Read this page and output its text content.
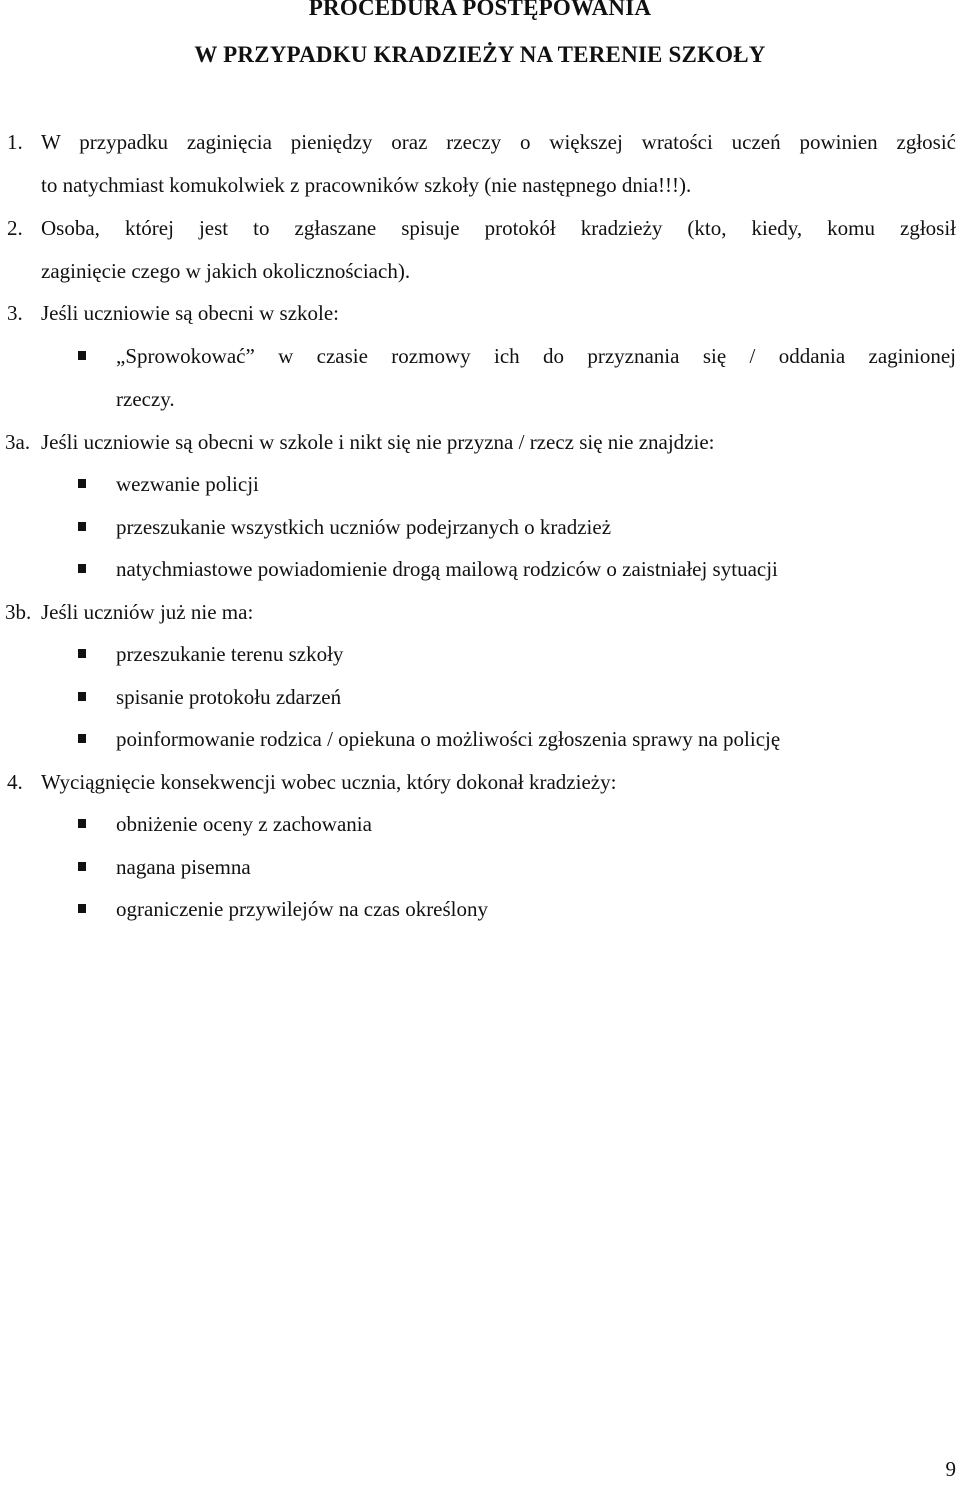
PROCEDURA POSTĘPOWANIA
W PRZYPADKU KRADZIEŻY NA TERENIE SZKOŁY
1. W przypadku zaginięcia pieniędzy oraz rzeczy o większej wratości uczeń powinien zgłosić
to natychmiast komukolwiek z pracowników szkoły (nie następnego dnia!!!).
2. Osoba, której jest to zgłaszane spisuje protokół kradzieży (kto, kiedy, komu zgłosił
zaginięcie czego w jakich okolicznościach).
3. Jeśli uczniowie są obecni w szkole:
„Sprowokować” w czasie rozmowy ich do przyznania się / oddania zaginionej
rzeczy.
3a. Jeśli uczniowie są obecni w szkole i nikt się nie przyzna / rzecz się nie znajdzie:
wezwanie policji
przeszukanie wszystkich uczniów podejrzanych o kradzież
natychmiastowe powiadomienie drogą mailową rodziców o zaistniałej sytuacji
3b. Jeśli uczniów już nie ma:
przeszukanie terenu szkoły
spisanie protokołu zdarzeń
poinformowanie rodzica / opiekuna o możliwości zgłoszenia sprawy na policję
4. Wyciągnięcie konsekwencji wobec ucznia, który dokonał kradzieży:
obniżenie oceny z zachowania
nagana pisemna
ograniczenie przywilejów na czas określony
9
